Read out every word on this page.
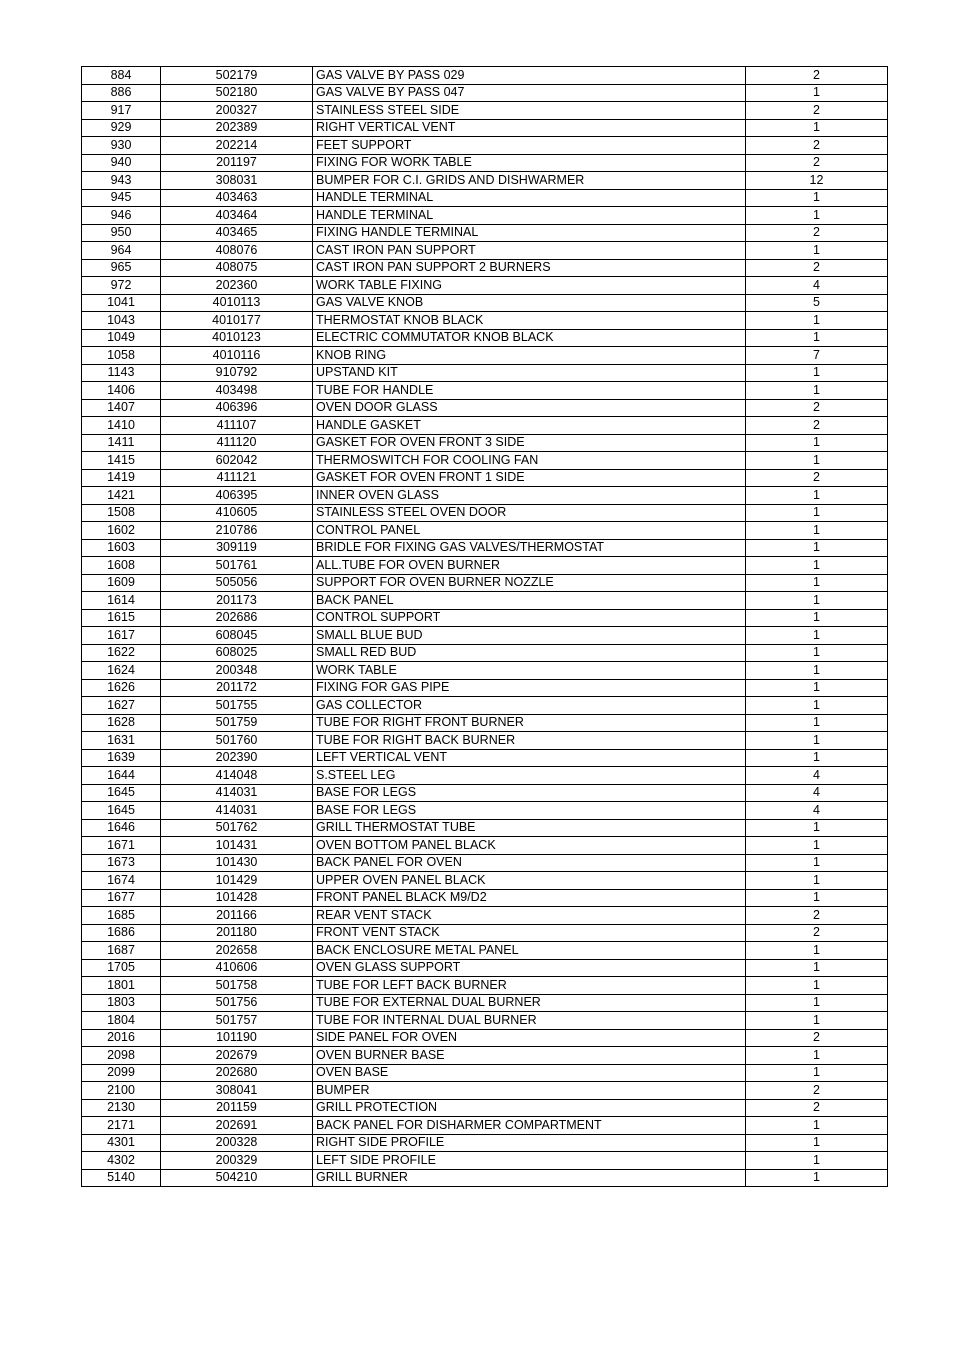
884	502179	GAS VALVE BY PASS 029	2
886	502180	GAS VALVE BY PASS 047	1
917	200327	STAINLESS STEEL SIDE	2
929	202389	RIGHT VERTICAL VENT	1
930	202214	FEET SUPPORT	2
940	201197	FIXING FOR WORK TABLE	2
943	308031	BUMPER FOR C.I. GRIDS AND DISHWARMER	12
945	403463	HANDLE TERMINAL	1
946	403464	HANDLE TERMINAL	1
950	403465	FIXING HANDLE TERMINAL	2
964	408076	CAST IRON PAN SUPPORT	1
965	408075	CAST IRON PAN SUPPORT 2 BURNERS	2
972	202360	WORK TABLE FIXING	4
1041	4010113	GAS VALVE KNOB	5
1043	4010177	THERMOSTAT KNOB BLACK	1
1049	4010123	ELECTRIC COMMUTATOR KNOB BLACK	1
1058	4010116	KNOB RING	7
1143	910792	UPSTAND KIT	1
1406	403498	TUBE FOR HANDLE	1
1407	406396	OVEN DOOR GLASS	2
1410	411107	HANDLE GASKET	2
1411	411120	GASKET FOR OVEN FRONT 3 SIDE	1
1415	602042	THERMOSWITCH FOR COOLING FAN	1
1419	411121	GASKET FOR OVEN FRONT 1 SIDE	2
1421	406395	INNER OVEN GLASS	1
1508	410605	STAINLESS STEEL OVEN DOOR	1
1602	210786	CONTROL PANEL	1
1603	309119	BRIDLE FOR FIXING GAS VALVES/THERMOSTAT	1
1608	501761	ALL.TUBE FOR OVEN BURNER	1
1609	505056	SUPPORT FOR OVEN BURNER NOZZLE	1
1614	201173	BACK PANEL	1
1615	202686	CONTROL SUPPORT	1
1617	608045	SMALL BLUE BUD	1
1622	608025	SMALL RED BUD	1
1624	200348	WORK TABLE	1
1626	201172	FIXING FOR GAS PIPE	1
1627	501755	GAS COLLECTOR	1
1628	501759	TUBE FOR RIGHT FRONT BURNER	1
1631	501760	TUBE FOR RIGHT BACK BURNER	1
1639	202390	LEFT VERTICAL VENT	1
1644	414048	S.STEEL LEG	4
1645	414031	BASE FOR LEGS	4
1645	414031	BASE FOR LEGS	4
1646	501762	GRILL THERMOSTAT TUBE	1
1671	101431	OVEN BOTTOM PANEL BLACK	1
1673	101430	BACK PANEL FOR OVEN	1
1674	101429	UPPER OVEN PANEL BLACK	1
1677	101428	FRONT PANEL BLACK M9/D2	1
1685	201166	REAR VENT STACK	2
1686	201180	FRONT VENT STACK	2
1687	202658	BACK ENCLOSURE METAL PANEL	1
1705	410606	OVEN GLASS SUPPORT	1
1801	501758	TUBE FOR LEFT BACK BURNER	1
1803	501756	TUBE FOR EXTERNAL DUAL BURNER	1
1804	501757	TUBE FOR INTERNAL DUAL BURNER	1
2016	101190	SIDE PANEL FOR OVEN	2
2098	202679	OVEN BURNER BASE	1
2099	202680	OVEN BASE	1
2100	308041	BUMPER	2
2130	201159	GRILL PROTECTION	2
2171	202691	BACK PANEL FOR DISHARMER COMPARTMENT	1
4301	200328	RIGHT SIDE PROFILE	1
4302	200329	LEFT SIDE PROFILE	1
5140	504210	GRILL BURNER	1
